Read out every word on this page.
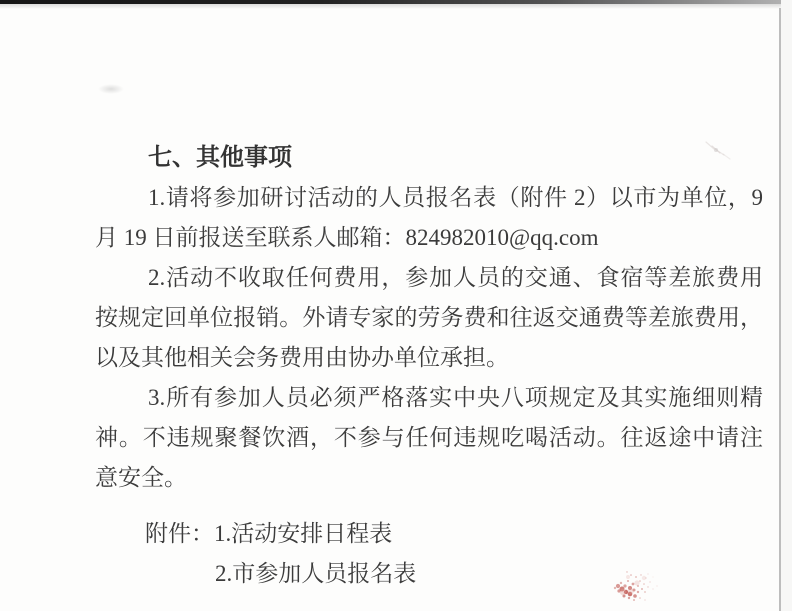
七、其他事项
1.请将参加研讨活动的人员报名表（附件 2）以市为单位，9
月 19 日前报送至联系人邮箱：824982010@qq.com
2.活动不收取任何费用，参加人员的交通、食宿等差旅费用
按规定回单位报销。外请专家的劳务费和往返交通费等差旅费用，
以及其他相关会务费用由协办单位承担。
3.所有参加人员必须严格落实中央八项规定及其实施细则精
神。不违规聚餐饮酒，不参与任何违规吃喝活动。往返途中请注
意安全。
附件：1.活动安排日程表
2.市参加人员报名表
